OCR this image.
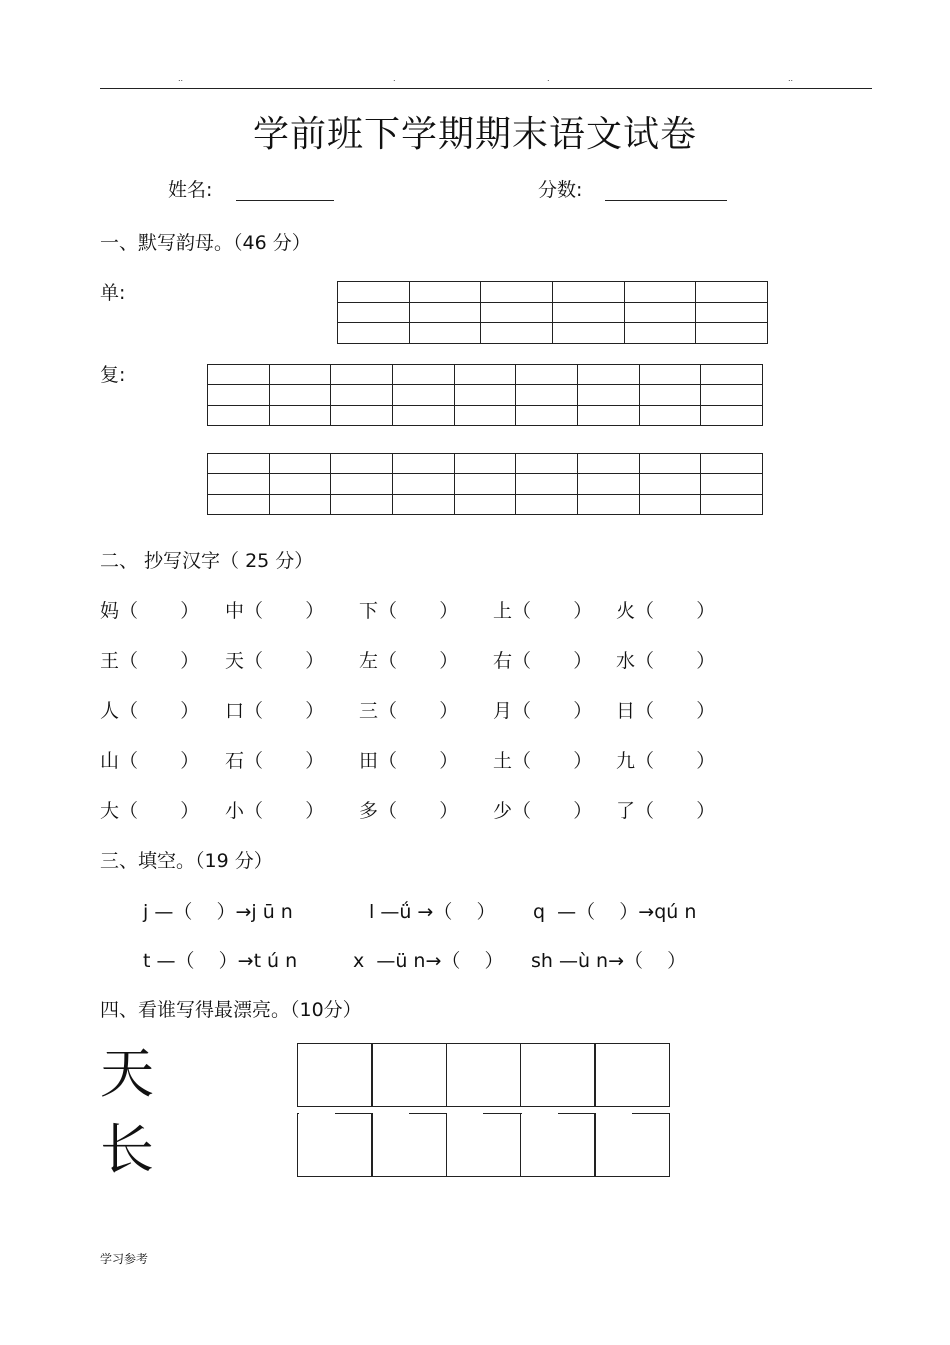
..	.	.	..
学前班下学期期末语文试卷
姓名:	分数:
一、默写韵母。（46 分）
单:

复:

二、 抄写汉字（ 25 分）
妈（       ） 中（       ） 下（       ） 上（       ） 火（       ）
王（       ） 天（       ） 左（       ） 右（       ） 水（       ）
人（       ） 口（       ） 三（       ） 月（       ） 日（       ）
山（       ） 石（       ） 田（       ） 土（       ） 九（       ）
大（       ） 小（       ） 多（       ） 少（       ） 了（       ）
三、填空。（19 分）

j —（    ）→j ū n

	l —ǘ →（    ）

q  —（    ）→qú n

t —（    ）→t ú n

	x  —ü n→（    ）

sh —ù n→（    ）

四、看谁写得最漂亮。（10分）
天
长
学习参考
